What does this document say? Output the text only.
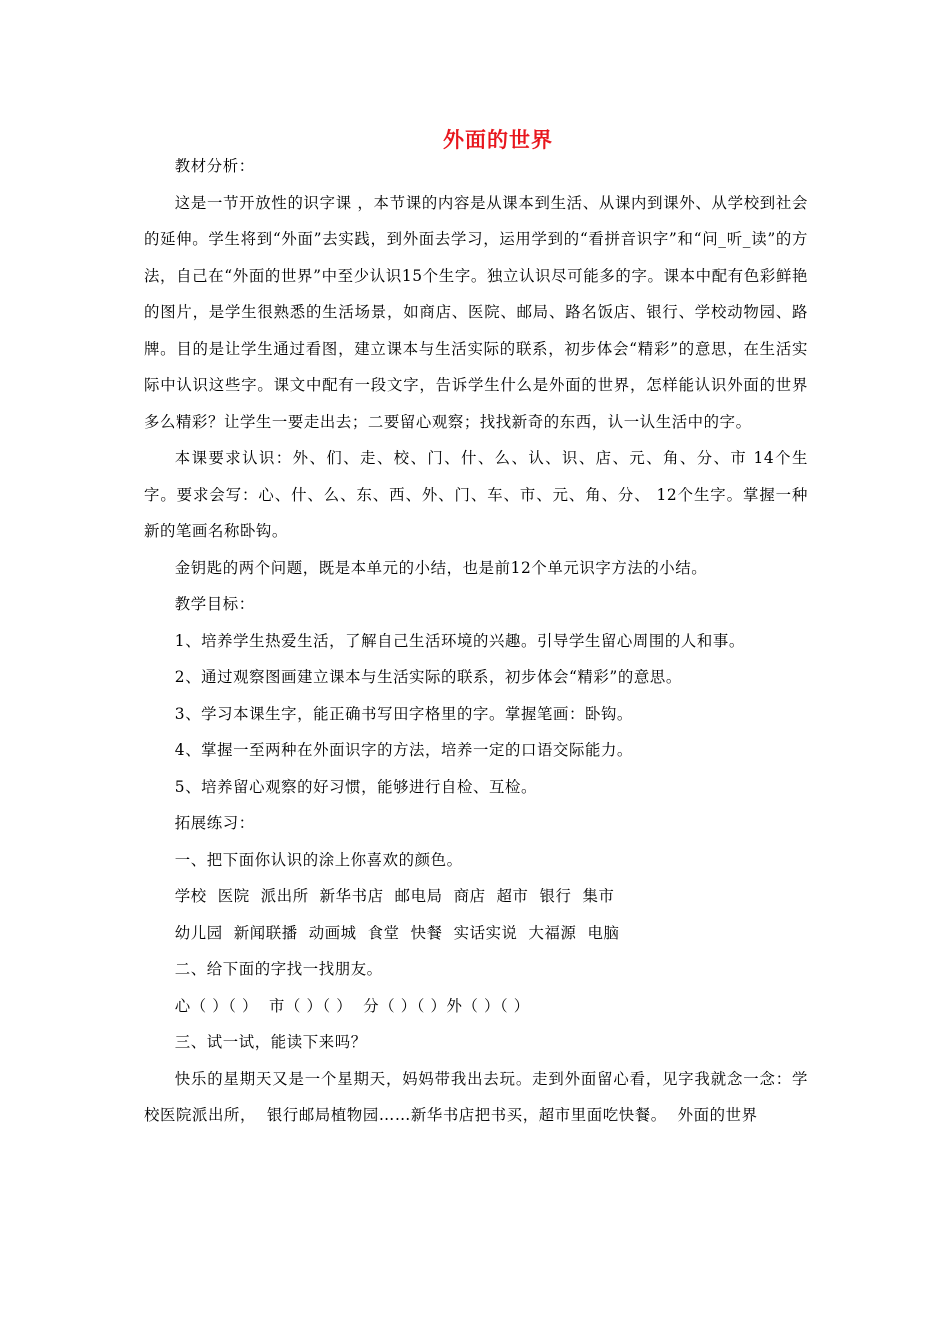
外面的世界

教材分析：

这是一节开放性的识字课 ，本节课的内容是从课本到生活、从课内到课外、从学校到社会的延伸。学生将到“外面”去实践，到外面去学习，运用学到的“看拼音识字”和“问_听_读”的方法，自己在“外面的世界”中至少认识15个生字。独立认识尽可能多的字。课本中配有色彩鲜艳的图片，是学生很熟悉的生活场景，如商店、医院、邮局、路名饭店、银行、学校动物园、路牌。目的是让学生通过看图，建立课本与生活实际的联系，初步体会“精彩”的意思，在生活实际中认识这些字。课文中配有一段文字，告诉学生什么是外面的世界，怎样能认识外面的世界多么精彩？让学生一要走出去；二要留心观察；找找新奇的东西，认一认生活中的字。

本课要求认识：外、们、走、校、门、什、么、认、识、店、元、角、分、市 14个生字。要求会写：心、什、么、东、西、外、门、车、市、元、角、分、 12个生字。掌握一种新的笔画名称卧钩。

金钥匙的两个问题，既是本单元的小结，也是前12个单元识字方法的小结。

教学目标：

1、培养学生热爱生活，了解自己生活环境的兴趣。引导学生留心周围的人和事。

2、通过观察图画建立课本与生活实际的联系，初步体会“精彩”的意思。

3、学习本课生字，能正确书写田字格里的字。掌握笔画：卧钩。

4、掌握一至两种在外面识字的方法，培养一定的口语交际能力。

5、培养留心观察的好习惯，能够进行自检、互检。

拓展练习：

一、把下面你认识的涂上你喜欢的颜色。

学校  医院  派出所  新华书店  邮电局  商店  超市  银行  集市

幼儿园  新闻联播  动画城  食堂  快餐  实话实说  大福源  电脑

二、给下面的字找一找朋友。

心（ ）（ ）  市（ ）（ ）  分（ ）（ ）外（ ）（ ）

三、试一试，能读下来吗？

快乐的星期天又是一个星期天，妈妈带我出去玩。走到外面留心看，见字我就念一念：学校医院派出所，  银行邮局植物园……新华书店把书买，超市里面吃快餐。  外面的世界
